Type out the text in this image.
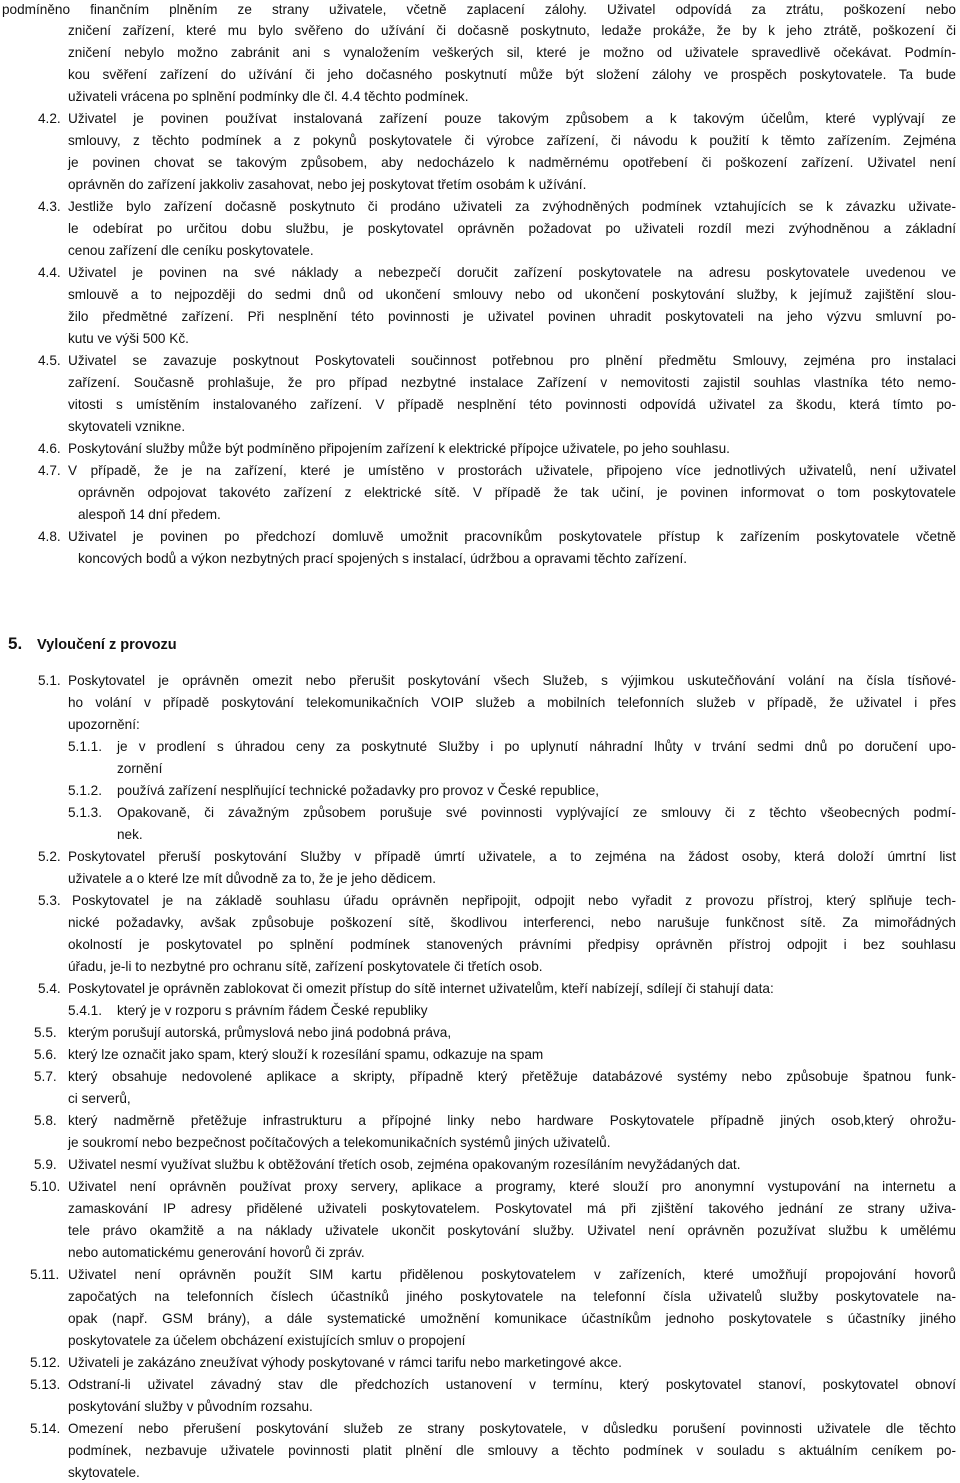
5. Vyloučení z provozu
podmíněno finančním plněním ze strany uživatele, včetně zaplacení zálohy. Uživatel odpovídá za ztrátu, poškození nebo
zničení zařízení, které mu bylo svěřeno do užívání či dočasně poskytnuto, ledaže prokáže, že by k jeho ztrátě, poškození či
zničení nebylo možno zabránit ani s vynaložením veškerých sil, které je možno od uživatele spravedlivě očekávat. Podmín-
kou svěření zařízení do užívání či jeho dočasného poskytnutí může být složení zálohy ve prospěch poskytovatele. Ta bude
uživateli vrácena po splnění podmínky dle čl. 4.4 těchto podmínek.
4.2. Uživatel je povinen používat instalovaná zařízení pouze takovým způsobem a k takovým účelům, které vyplývají ze
smlouvy, z těchto podmínek a z pokynů poskytovatele či výrobce zařízení, či návodu k použití k těmto zařízením. Zejména
je povinen chovat se takovým způsobem, aby nedocházelo k nadměrnému opotřebení či poškození zařízení. Uživatel není
oprávněn do zařízení jakkoliv zasahovat, nebo jej poskytovat třetím osobám k užívání.
4.3. Jestliže bylo zařízení dočasně poskytnuto či prodáno uživateli za zvýhodněných podmínek vztahujících se k závazku uživate-
le odebírat po určitou dobu službu, je poskytovatel oprávněn požadovat po uživateli rozdíl mezi zvýhodněnou a základní
cenou zařízení dle ceníku poskytovatele.
4.4. Uživatel je povinen na své náklady a nebezpečí doručit zařízení poskytovatele na adresu poskytovatele uvedenou ve
smlouvě a to nejpozději do sedmi dnů od ukončení smlouvy nebo od ukončení poskytování služby, k jejímuž zajištění slou-
žilo předmětné zařízení. Při nesplnění této povinnosti je uživatel povinen uhradit poskytovateli na jeho výzvu smluvní po-
kutu ve výši 500 Kč.
4.5. Uživatel se zavazuje poskytnout Poskytovateli součinnost potřebnou pro plnění předmětu Smlouvy, zejména pro instalaci
zařízení. Současně prohlašuje, že pro případ nezbytné instalace Zařízení v nemovitosti zajistil souhlas vlastníka této nemo-
vitosti s umístěním instalovaného zařízení. V případě nesplnění této povinnosti odpovídá uživatel za škodu, která tímto po-
skytovateli vznikne.
4.6. Poskytování služby může být podmíněno připojením zařízení k elektrické přípojce uživatele, po jeho souhlasu.
4.7. V případě, že je na zařízení, které je umístěno v prostorách uživatele, připojeno více jednotlivých uživatelů, není uživatel
oprávněn odpojovat takovéto zařízení z elektrické sítě. V případě že tak učiní, je povinen informovat o tom poskytovatele
alespoň 14 dní předem.
4.8. Uživatel je povinen po předchozí domluvě umožnit pracovníkům poskytovatele přístup k zařízením poskytovatele včetně
koncových bodů a výkon nezbytných prací spojených s instalací, údržbou a opravami těchto zařízení.
5.1. Poskytovatel je oprávněn omezit nebo přerušit poskytování všech Služeb, s výjimkou uskutečňování volání na čísla tísňové-
ho volání v případě poskytování telekomunikačních VOIP služeb a mobilních telefonních služeb v případě, že uživatel i přes
upozornění:
5.1.1. je v prodlení s úhradou ceny za poskytnuté Služby i po uplynutí náhradní lhůty v trvání sedmi dnů po doručení upo-
zornění
5.1.2. používá zařízení nesplňující technické požadavky pro provoz v České republice,
5.1.3. Opakovaně, či závažným způsobem porušuje své povinnosti vyplývající ze smlouvy či z těchto všeobecných podmí-
nek.
5.2. Poskytovatel přeruší poskytování Služby v případě úmrtí uživatele, a to zejména na žádost osoby, která doloží úmrtní list
uživatele a o které lze mít důvodně za to, že je jeho dědicem.
5.3. Poskytovatel je na základě souhlasu úřadu oprávněn nepřipojit, odpojit nebo vyřadit z provozu přístroj, který splňuje tech-
nické požadavky, avšak způsobuje poškození sítě, škodlivou interferenci, nebo narušuje funkčnost sítě. Za mimořádných
okolností je poskytovatel po splnění podmínek stanovených právními předpisy oprávněn přístroj odpojit i bez souhlasu
úřadu, je-li to nezbytné pro ochranu sítě, zařízení poskytovatele či třetích osob.
5.4. Poskytovatel je oprávněn zablokovat či omezit přístup do sítě internet uživatelům, kteří nabízejí, sdílejí či stahují data:
5.4.1. který je v rozporu s právním řádem České republiky
5.5. kterým porušují autorská, průmyslová nebo jiná podobná práva,
5.6. který lze označit jako spam, který slouží k rozesílání spamu, odkazuje na spam
5.7. který obsahuje nedovolené aplikace a skripty, případně který přetěžuje databázové systémy nebo způsobuje špatnou funk-
ci serverů,
5.8. který nadměrně přetěžuje infrastrukturu a přípojné linky nebo hardware Poskytovatele případně jiných osob,který ohrožu-
je soukromí nebo bezpečnost počítačových a telekomunikačních systémů jiných uživatelů.
5.9. Uživatel nesmí využívat službu k obtěžování třetích osob, zejména opakovaným rozesíláním nevyžádaných dat.
5.10. Uživatel není oprávněn používat proxy servery, aplikace a programy, které slouží pro anonymní vystupování na internetu a
zamaskování IP adresy přidělené uživateli poskytovatelem. Poskytovatel má při zjištění takového jednání ze strany uživa-
tele právo okamžitě a na náklady uživatele ukončit poskytování služby. Uživatel není oprávněn pozužívat službu k umělému
nebo automatickému generování hovorů či zpráv.
5.11. Uživatel není oprávněn použít SIM kartu přidělenou poskytovatelem v zařízeních, které umožňují propojování hovorů
započatých na telefonních číslech účastníků jiného poskytovatele na telefonní čísla uživatelů služby poskytovatele na-
opak (např. GSM brány), a dále systematické umožnění komunikace účastníkům jednoho poskytovatele s účastníky jiného
poskytovatele za účelem obcházení existujících smluv o propojení
5.12. Uživateli je zakázáno zneužívat výhody poskytované v rámci tarifu nebo marketingové akce.
5.13. Odstraní-li uživatel závadný stav dle předchozích ustanovení v termínu, který poskytovatel stanoví, poskytovatel obnoví
poskytování služby v původním rozsahu.
5.14. Omezení nebo přerušení poskytování služeb ze strany poskytovatele, v důsledku porušení povinnosti uživatele dle těchto
podmínek, nezbavuje uživatele povinnosti platit plnění dle smlouvy a těchto podmínek v souladu s aktuálním ceníkem po-
skytovatele.
